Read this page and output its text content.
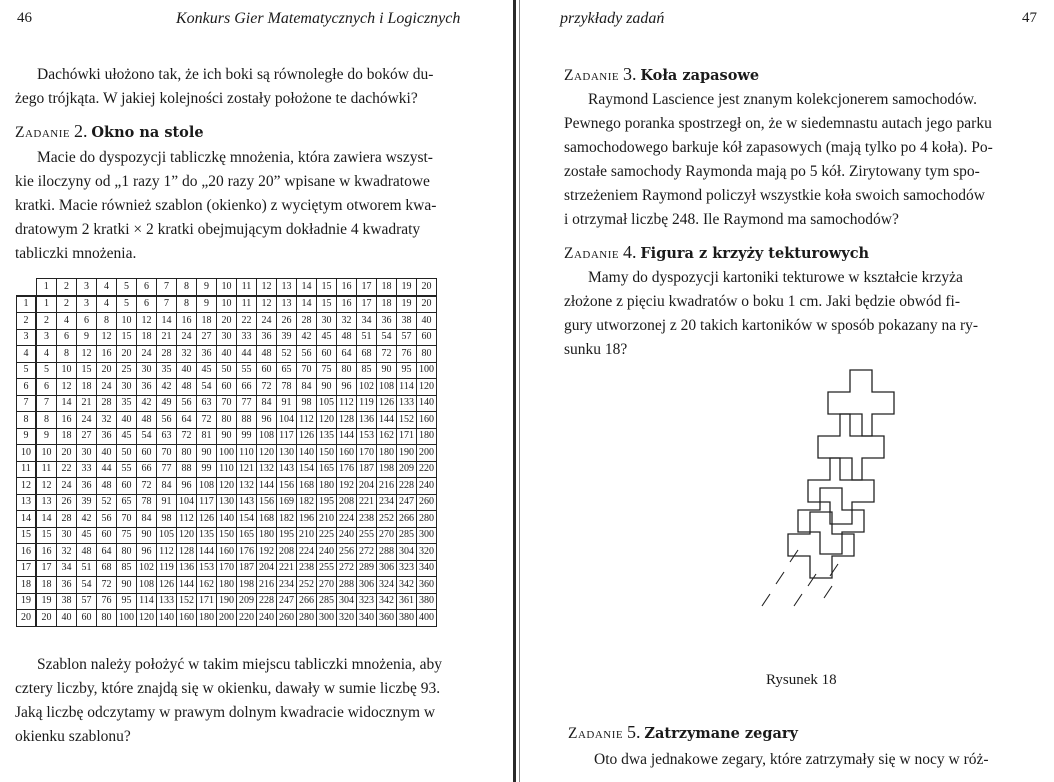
46	Konkurs Gier Matematycznych i Logicznych

Dachówki ułożono tak, że ich boki są równoległe do boków du-

żego trójkąta. W jakiej kolejności zostały położone te dachówki?

Zadanie 2. Okno na stole

Macie do dyspozycji tabliczkę mnożenia, która zawiera wszyst-

kie iloczyny od „1 razy 1” do „20 razy 20” wpisane w kwadratowe

kratki. Macie również szablon (okienko) z wyciętym otworem kwa-

dratowym 2 kratki × 2 kratki obejmującym dokładnie 4 kwadraty

tabliczki mnożenia.

	1	2	3	4	5	6	7	8	9	10	11	12	13	14	15	16	17	18	19	20
1	1	2	3	4	5	6	7	8	9	10	11	12	13	14	15	16	17	18	19	20
2	2	4	6	8	10	12	14	16	18	20	22	24	26	28	30	32	34	36	38	40
3	3	6	9	12	15	18	21	24	27	30	33	36	39	42	45	48	51	54	57	60
4	4	8	12	16	20	24	28	32	36	40	44	48	52	56	60	64	68	72	76	80
5	5	10	15	20	25	30	35	40	45	50	55	60	65	70	75	80	85	90	95	100
6	6	12	18	24	30	36	42	48	54	60	66	72	78	84	90	96	102	108	114	120
7	7	14	21	28	35	42	49	56	63	70	77	84	91	98	105	112	119	126	133	140
8	8	16	24	32	40	48	56	64	72	80	88	96	104	112	120	128	136	144	152	160
9	9	18	27	36	45	54	63	72	81	90	99	108	117	126	135	144	153	162	171	180
10	10	20	30	40	50	60	70	80	90	100	110	120	130	140	150	160	170	180	190	200
11	11	22	33	44	55	66	77	88	99	110	121	132	143	154	165	176	187	198	209	220
12	12	24	36	48	60	72	84	96	108	120	132	144	156	168	180	192	204	216	228	240
13	13	26	39	52	65	78	91	104	117	130	143	156	169	182	195	208	221	234	247	260
14	14	28	42	56	70	84	98	112	126	140	154	168	182	196	210	224	238	252	266	280
15	15	30	45	60	75	90	105	120	135	150	165	180	195	210	225	240	255	270	285	300
16	16	32	48	64	80	96	112	128	144	160	176	192	208	224	240	256	272	288	304	320
17	17	34	51	68	85	102	119	136	153	170	187	204	221	238	255	272	289	306	323	340
18	18	36	54	72	90	108	126	144	162	180	198	216	234	252	270	288	306	324	342	360
19	19	38	57	76	95	114	133	152	171	190	209	228	247	266	285	304	323	342	361	380
20	20	40	60	80	100	120	140	160	180	200	220	240	260	280	300	320	340	360	380	400

Szablon należy położyć w takim miejscu tabliczki mnożenia, aby

cztery liczby, które znajdą się w okienku, dawały w sumie liczbę 93.

Jaką liczbę odczytamy w prawym dolnym kwadracie widocznym w

okienku szablonu?

przykłady zadań	47
Zadanie 3. Koła zapasowe

Raymond Lascience jest znanym kolekcjonerem samochodów.

Pewnego poranka spostrzegł on, że w siedemnastu autach jego parku

samochodowego barkuje kół zapasowych (mają tylko po 4 koła). Po-

zostałe samochody Raymonda mają po 5 kół. Zirytowany tym spo-

strzeżeniem Raymond policzył wszystkie koła swoich samochodów

i otrzymał liczbę 248. Ile Raymond ma samochodów?

Zadanie 4. Figura z krzyży tekturowych

Mamy do dyspozycji kartoniki tekturowe w kształcie krzyża

złożone z pięciu kwadratów o boku 1 cm. Jaki będzie obwód fi-

gury utworzonej z 20 takich kartoników w sposób pokazany na ry-

sunku 18?

Rysunek 18
Zadanie 5. Zatrzymane zegary

Oto dwa jednakowe zegary, które zatrzymały się w nocy w róż-
